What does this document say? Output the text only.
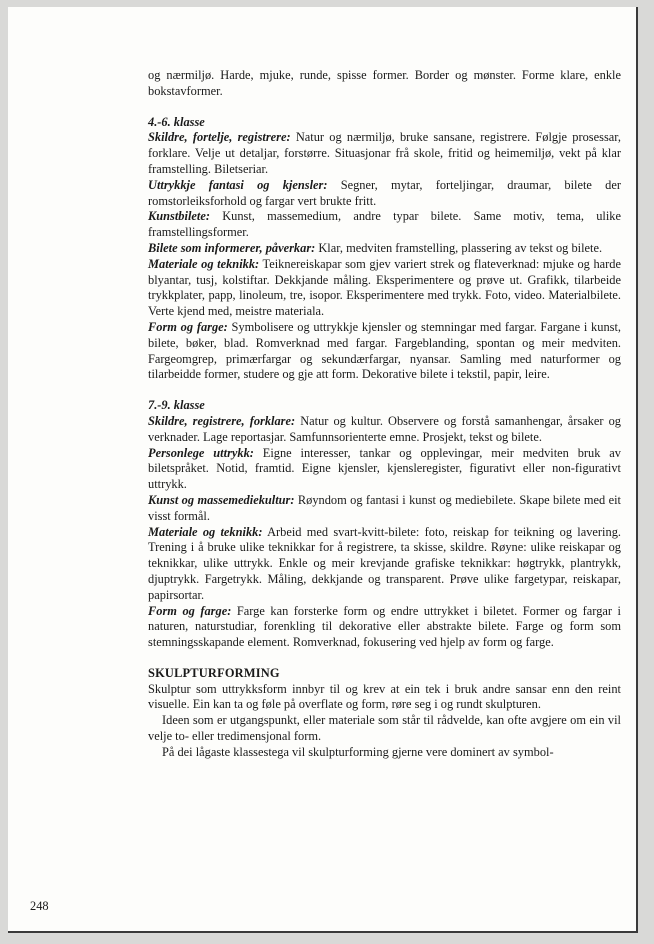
og nærmiljø. Harde, mjuke, runde, spisse former. Border og mønster. Forme klare, enkle bokstavformer.

4.-6. klasse

Skildre, fortelje, registrere: Natur og nærmiljø, bruke sansane, registrere. Følgje prosessar, forklare. Velje ut detaljar, forstørre. Situasjonar frå skole, fritid og heimemiljø, vekt på klar framstelling. Biletseriar.

Uttrykkje fantasi og kjensler: Segner, mytar, forteljingar, draumar, bilete der romstorleiksforhold og fargar vert brukte fritt.

Kunstbilete: Kunst, massemedium, andre typar bilete. Same motiv, tema, ulike framstellingsformer.

Bilete som informerer, påverkar: Klar, medviten framstelling, plassering av tekst og bilete.

Materiale og teknikk: Teiknereiskapar som gjev variert strek og flateverknad: mjuke og harde blyantar, tusj, kolstiftar. Dekkjande måling. Eksperimentere og prøve ut. Grafikk, tilarbeide trykkplater, papp, linoleum, tre, isopor. Eksperimentere med trykk. Foto, video. Materialbilete. Verte kjend med, meistre materiala.

Form og farge: Symbolisere og uttrykkje kjensler og stemningar med fargar. Fargane i kunst, bilete, bøker, blad. Romverknad med fargar. Fargeblanding, spontan og meir medviten. Fargeomgrep, primærfargar og sekundærfargar, nyansar. Samling med naturformer og tilarbeidde former, studere og gje att form. Dekorative bilete i tekstil, papir, leire.

7.-9. klasse

Skildre, registrere, forklare: Natur og kultur. Observere og forstå samanhengar, årsaker og verknader. Lage reportasjar. Samfunnsorienterte emne. Prosjekt, tekst og bilete.

Personlege uttrykk: Eigne interesser, tankar og opplevingar, meir medviten bruk av biletspråket. Notid, framtid. Eigne kjensler, kjensleregister, figurativt eller non-figurativt uttrykk.

Kunst og massemediekultur: Røyndom og fantasi i kunst og mediebilete. Skape bilete med eit visst formål.

Materiale og teknikk: Arbeid med svart-kvitt-bilete: foto, reiskap for teikning og lavering. Trening i å bruke ulike teknikkar for å registrere, ta skisse, skildre. Røyne: ulike reiskapar og teknikkar, ulike uttrykk. Enkle og meir krevjande grafiske teknikkar: høgtrykk, plantrykk, djuptrykk. Fargetrykk. Måling, dekkjande og transparent. Prøve ulike fargetypar, reiskapar, papirsortar.

Form og farge: Farge kan forsterke form og endre uttrykket i biletet. Former og fargar i naturen, naturstudiar, forenkling til dekorative eller abstrakte bilete. Farge og form som stemningsskapande element. Romverknad, fokusering ved hjelp av form og farge.

SKULPTURFORMING

Skulptur som uttrykksform innbyr til og krev at ein tek i bruk andre sansar enn den reint visuelle. Ein kan ta og føle på overflate og form, røre seg i og rundt skulpturen.

Ideen som er utgangspunkt, eller materiale som står til rådvelde, kan ofte avgjere om ein vil velje to- eller tredimensjonal form.

På dei lågaste klassestega vil skulpturforming gjerne vere dominert av symbol-

248
